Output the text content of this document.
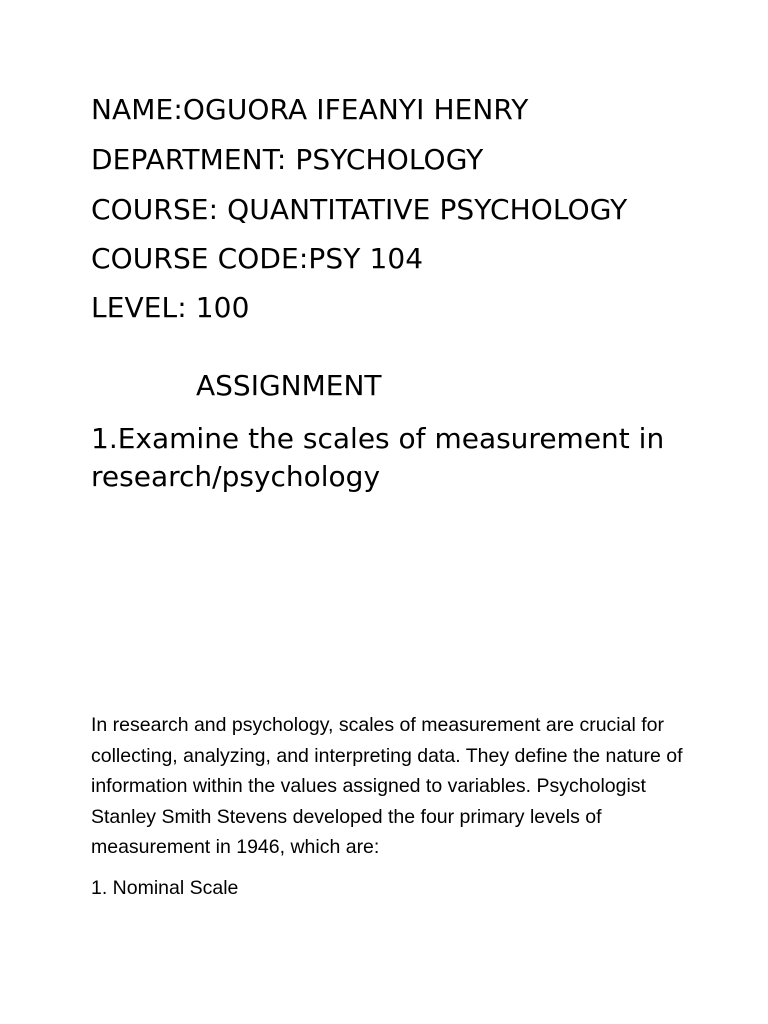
NAME:OGUORA IFEANYI HENRY
DEPARTMENT: PSYCHOLOGY
COURSE: QUANTITATIVE PSYCHOLOGY
COURSE CODE:PSY 104
LEVEL: 100
ASSIGNMENT
1.Examine the scales of measurement in research/psychology
In research and psychology, scales of measurement are crucial for collecting, analyzing, and interpreting data. They define the nature of information within the values assigned to variables. Psychologist Stanley Smith Stevens developed the four primary levels of measurement in 1946, which are:
1. Nominal Scale
